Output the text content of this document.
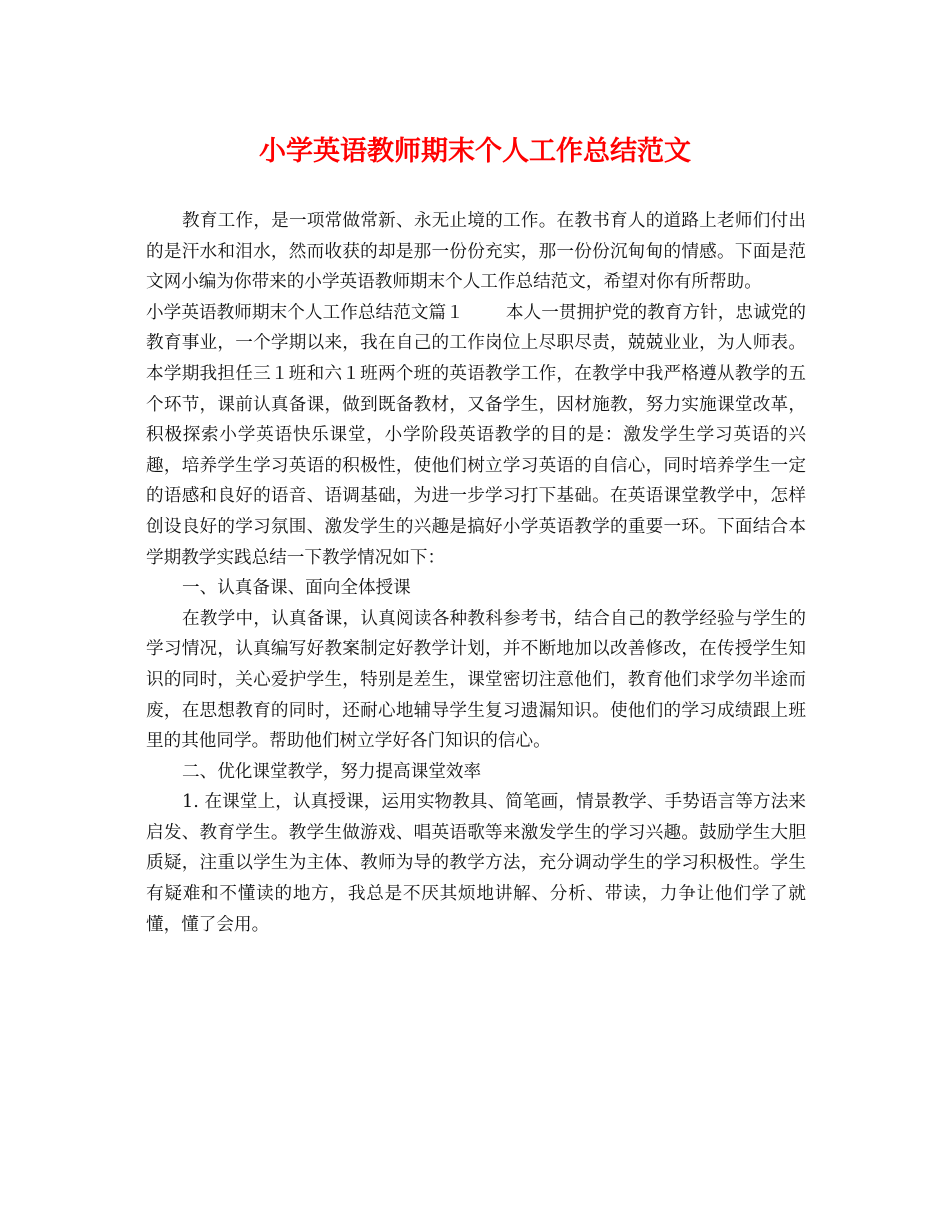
小学英语教师期末个人工作总结范文

教育工作，是一项常做常新、永无止境的工作。在教书育人的道路上老师们付出的是汗水和泪水，然而收获的却是那一份份充实，那一份份沉甸甸的情感。下面是范文网小编为你带来的小学英语教师期末个人工作总结范文，希望对你有所帮助。

小学英语教师期末个人工作总结范文篇１ 本人一贯拥护党的教育方针，忠诚党的教育事业，一个学期以来，我在自己的工作岗位上尽职尽责，兢兢业业，为人师表。本学期我担任三１班和六１班两个班的英语教学工作，在教学中我严格遵从教学的五个环节，课前认真备课，做到既备教材，又备学生，因材施教，努力实施课堂改革，积极探索小学英语快乐课堂，小学阶段英语教学的目的是：激发学生学习英语的兴趣，培养学生学习英语的积极性，使他们树立学习英语的自信心，同时培养学生一定的语感和良好的语音、语调基础，为进一步学习打下基础。在英语课堂教学中，怎样创设良好的学习氛围、激发学生的兴趣是搞好小学英语教学的重要一环。下面结合本学期教学实践总结一下教学情况如下：

一、认真备课、面向全体授课

在教学中，认真备课，认真阅读各种教科参考书，结合自己的教学经验与学生的学习情况，认真编写好教案制定好教学计划，并不断地加以改善修改，在传授学生知识的同时，关心爱护学生，特别是差生，课堂密切注意他们，教育他们求学勿半途而废，在思想教育的同时，还耐心地辅导学生复习遗漏知识。使他们的学习成绩跟上班里的其他同学。帮助他们树立学好各门知识的信心。

二、优化课堂教学，努力提高课堂效率

1. 在课堂上，认真授课，运用实物教具、简笔画，情景教学、手势语言等方法来启发、教育学生。教学生做游戏、唱英语歌等来激发学生的学习兴趣。鼓励学生大胆质疑，注重以学生为主体、教师为导的教学方法，充分调动学生的学习积极性。学生有疑难和不懂读的地方，我总是不厌其烦地讲解、分析、带读，力争让他们学了就懂，懂了会用。
